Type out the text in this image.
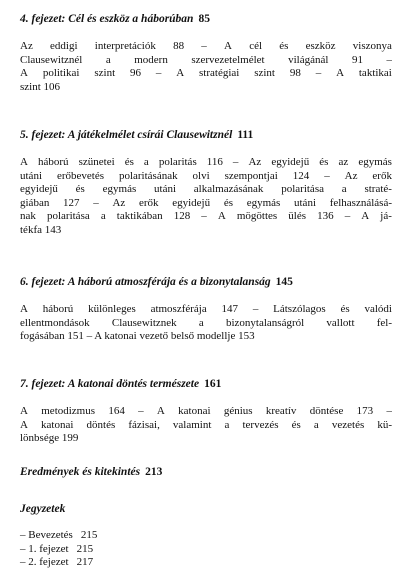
4. fejezet: Cél és eszköz a háborúban 85
Az eddigi interpretációk 88 – A cél és eszköz viszonya
Clausewitznél a modern szervezetelmélet világánál 91 –
A politikai szint 96 – A stratégiai szint 98 – A taktikai
szint 106
5. fejezet: A játékelmélet csírái Clausewitznél 111
A háború szünetei és a polaritás 116 – Az egyidejű és az egymás
utáni erőbevetés polaritásának olvi szempontjai 124 – Az erők
egyidejű és egymás utáni alkalmazásának polaritása a straté-
giában 127 – Az erők egyidejű és egymás utáni felhasználásá-
nak polaritása a taktikában 128 – A mögöttes ülés 136 – A já-
tékfa 143
6. fejezet: A háború atmoszférája és a bizonytalanság 145
A háború különleges atmoszférája 147 – Látszólagos és valódi
ellentmondások Clausewitznek a bizonytalanságról vallott fel-
fogásában 151 – A katonai vezető belső modellje 153
7. fejezet: A katonai döntés természete 161
A metodizmus 164 – A katonai génius kreatív döntése 173 –
A katonai döntés fázisai, valamint a tervezés és a vezetés kü-
lönbsége 199
Eredmények és kitekintés 213
Jegyzetek
– Bevezetés 215
– 1. fejezet 215
– 2. fejezet 217
